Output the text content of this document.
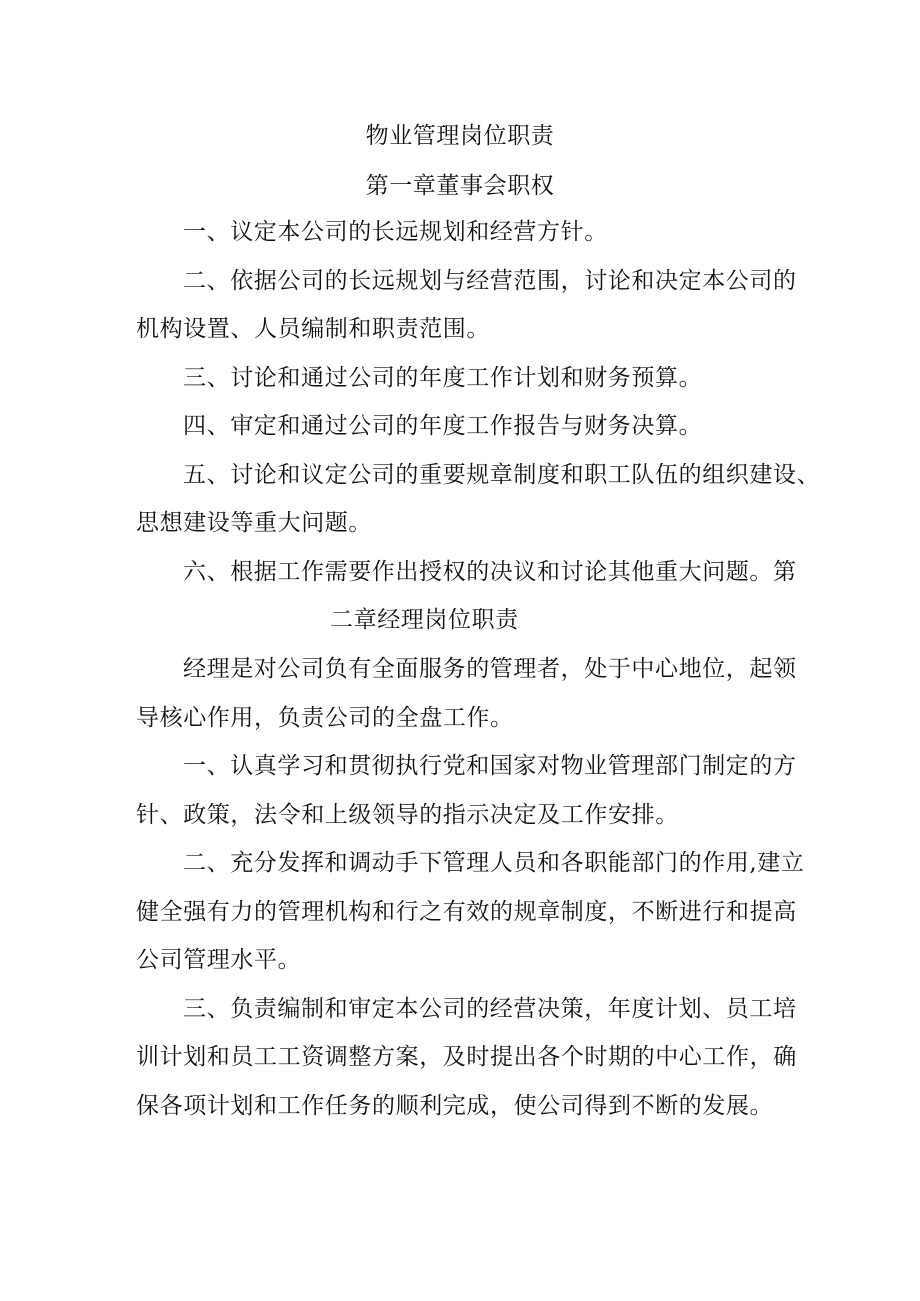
物业管理岗位职责
第一章董事会职权
一、议定本公司的长远规划和经营方针。
二、依据公司的长远规划与经营范围，讨论和决定本公司的
机构设置、人员编制和职责范围。
三、讨论和通过公司的年度工作计划和财务预算。
四、审定和通过公司的年度工作报告与财务决算。
五、讨论和议定公司的重要规章制度和职工队伍的组织建设、
思想建设等重大问题。
六、根据工作需要作出授权的决议和讨论其他重大问题。第
二章经理岗位职责
经理是对公司负有全面服务的管理者，处于中心地位，起领
导核心作用，负责公司的全盘工作。
一、认真学习和贯彻执行党和国家对物业管理部门制定的方
针、政策，法令和上级领导的指示决定及工作安排。
二、充分发挥和调动手下管理人员和各职能部门的作用,建立
健全强有力的管理机构和行之有效的规章制度，不断进行和提高
公司管理水平。
三、负责编制和审定本公司的经营决策，年度计划、员工培
训计划和员工工资调整方案，及时提出各个时期的中心工作，确
保各项计划和工作任务的顺利完成，使公司得到不断的发展。
